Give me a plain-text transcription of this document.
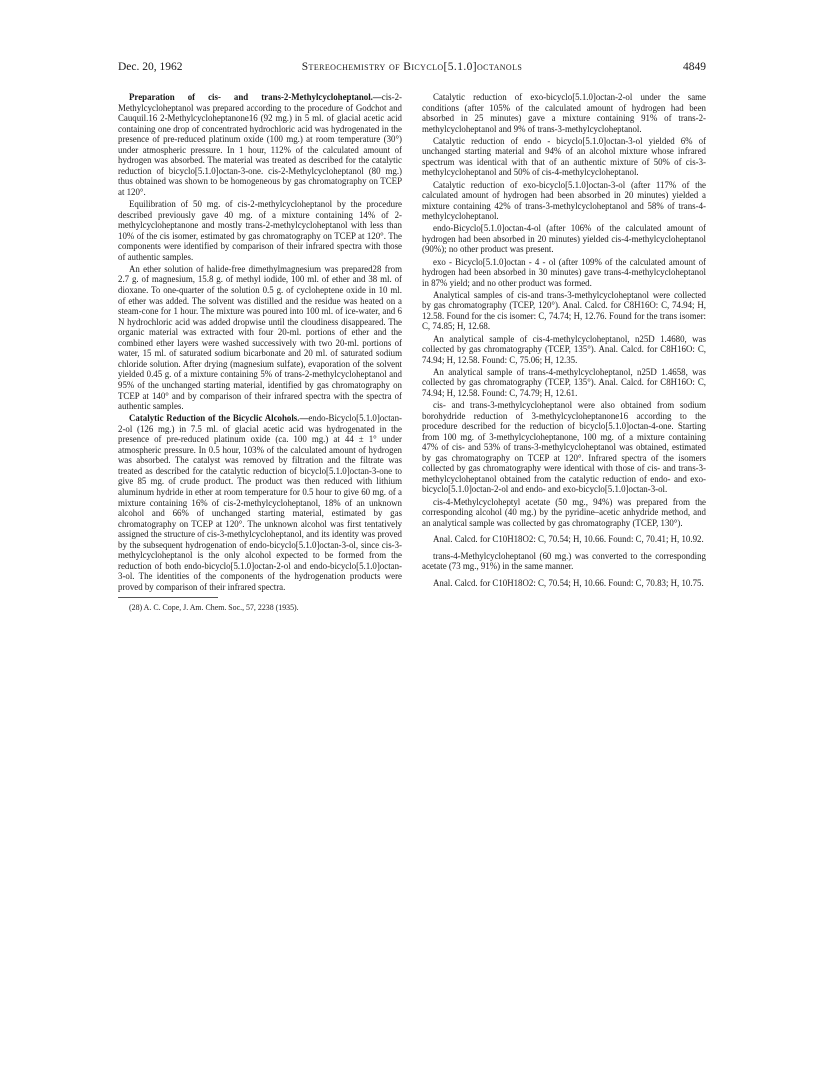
Dec. 20, 1962	Stereochemistry of Bicyclo[5.1.0]octanols	4849

Preparation of cis- and trans-2-Methylcycloheptanol.—cis-2-Methylcycloheptanol was prepared according to the procedure of Godchot and Cauquil.16 2-Methylcycloheptanone16 (92 mg.) in 5 ml. of glacial acetic acid containing one drop of concentrated hydrochloric acid was hydrogenated in the presence of pre-reduced platinum oxide (100 mg.) at room temperature (30°) under atmospheric pressure. In 1 hour, 112% of the calculated amount of hydrogen was absorbed. The material was treated as described for the catalytic reduction of bicyclo[5.1.0]octan-3-one. cis-2-Methylcycloheptanol (80 mg.) thus obtained was shown to be homogeneous by gas chromatography on TCEP at 120°.

Equilibration of 50 mg. of cis-2-methylcycloheptanol by the procedure described previously gave 40 mg. of a mixture containing 14% of 2-methylcycloheptanone and mostly trans-2-methylcycloheptanol with less than 10% of the cis isomer, estimated by gas chromatography on TCEP at 120°. The components were identified by comparison of their infrared spectra with those of authentic samples.

An ether solution of halide-free dimethylmagnesium was prepared28 from 2.7 g. of magnesium, 15.8 g. of methyl iodide, 100 ml. of ether and 38 ml. of dioxane. To one-quarter of the solution 0.5 g. of cycloheptene oxide in 10 ml. of ether was added. The solvent was distilled and the residue was heated on a steam-cone for 1 hour. The mixture was poured into 100 ml. of ice-water, and 6 N hydrochloric acid was added dropwise until the cloudiness disappeared. The organic material was extracted with four 20-ml. portions of ether and the combined ether layers were washed successively with two 20-ml. portions of water, 15 ml. of saturated sodium bicarbonate and 20 ml. of saturated sodium chloride solution. After drying (magnesium sulfate), evaporation of the solvent yielded 0.45 g. of a mixture containing 5% of trans-2-methylcycloheptanol and 95% of the unchanged starting material, identified by gas chromatography on TCEP at 140° and by comparison of their infrared spectra with the spectra of authentic samples.

Catalytic Reduction of the Bicyclic Alcohols.—endo-Bicyclo[5.1.0]octan-2-ol (126 mg.) in 7.5 ml. of glacial acetic acid was hydrogenated in the presence of pre-reduced platinum oxide (ca. 100 mg.) at 44 ± 1° under atmospheric pressure. In 0.5 hour, 103% of the calculated amount of hydrogen was absorbed. The catalyst was removed by filtration and the filtrate was treated as described for the catalytic reduction of bicyclo[5.1.0]octan-3-one to give 85 mg. of crude product. The product was then reduced with lithium aluminum hydride in ether at room temperature for 0.5 hour to give 60 mg. of a mixture containing 16% of cis-2-methylcycloheptanol, 18% of an unknown alcohol and 66% of unchanged starting material, estimated by gas chromatography on TCEP at 120°. The unknown alcohol was first tentatively assigned the structure of cis-3-methylcycloheptanol, and its identity was proved by the subsequent hydrogenation of endo-bicyclo[5.1.0]octan-3-ol, since cis-3-methylcycloheptanol is the only alcohol expected to be formed from the reduction of both endo-bicyclo[5.1.0]octan-2-ol and endo-bicyclo[5.1.0]octan-3-ol. The identities of the components of the hydrogenation products were proved by comparison of their infrared spectra.

(28) A. C. Cope, J. Am. Chem. Soc., 57, 2238 (1935).

Catalytic reduction of exo-bicyclo[5.1.0]octan-2-ol under the same conditions (after 105% of the calculated amount of hydrogen had been absorbed in 25 minutes) gave a mixture containing 91% of trans-2-methylcycloheptanol and 9% of trans-3-methylcycloheptanol.

Catalytic reduction of endo - bicyclo[5.1.0]octan-3-ol yielded 6% of unchanged starting material and 94% of an alcohol mixture whose infrared spectrum was identical with that of an authentic mixture of 50% of cis-3-methylcycloheptanol and 50% of cis-4-methylcycloheptanol.

Catalytic reduction of exo-bicyclo[5.1.0]octan-3-ol (after 117% of the calculated amount of hydrogen had been absorbed in 20 minutes) yielded a mixture containing 42% of trans-3-methylcycloheptanol and 58% of trans-4-methylcycloheptanol.

endo-Bicyclo[5.1.0]octan-4-ol (after 106% of the calculated amount of hydrogen had been absorbed in 20 minutes) yielded cis-4-methylcycloheptanol (90%); no other product was present.

exo - Bicyclo[5.1.0]octan - 4 - ol (after 109% of the calculated amount of hydrogen had been absorbed in 30 minutes) gave trans-4-methylcycloheptanol in 87% yield; and no other product was formed.

Analytical samples of cis-and trans-3-methylcycloheptanol were collected by gas chromatography (TCEP, 120°). Anal. Calcd. for C8H16O: C, 74.94; H, 12.58. Found for the cis isomer: C, 74.74; H, 12.76. Found for the trans isomer: C, 74.85; H, 12.68.

An analytical sample of cis-4-methylcycloheptanol, n25D 1.4680, was collected by gas chromatography (TCEP, 135°). Anal. Calcd. for C8H16O: C, 74.94; H, 12.58. Found: C, 75.06; H, 12.35.

An analytical sample of trans-4-methylcycloheptanol, n25D 1.4658, was collected by gas chromatography (TCEP, 135°). Anal. Calcd. for C8H16O: C, 74.94; H, 12.58. Found: C, 74.79; H, 12.61.

cis- and trans-3-methylcycloheptanol were also obtained from sodium borohydride reduction of 3-methylcycloheptanone16 according to the procedure described for the reduction of bicyclo[5.1.0]octan-4-one. Starting from 100 mg. of 3-methylcycloheptanone, 100 mg. of a mixture containing 47% of cis- and 53% of trans-3-methylcycloheptanol was obtained, estimated by gas chromatography on TCEP at 120°. Infrared spectra of the isomers collected by gas chromatography were identical with those of cis- and trans-3-methylcycloheptanol obtained from the catalytic reduction of endo- and exo-bicyclo[5.1.0]octan-2-ol and endo- and exo-bicyclo[5.1.0]octan-3-ol.

cis-4-Methylcycloheptyl acetate (50 mg., 94%) was prepared from the corresponding alcohol (40 mg.) by the pyridine–acetic anhydride method, and an analytical sample was collected by gas chromatography (TCEP, 130°).

Anal. Calcd. for C10H18O2: C, 70.54; H, 10.66. Found: C, 70.41; H, 10.92.

trans-4-Methylcycloheptanol (60 mg.) was converted to the corresponding acetate (73 mg., 91%) in the same manner.

Anal. Calcd. for C10H18O2: C, 70.54; H, 10.66. Found: C, 70.83; H, 10.75.
